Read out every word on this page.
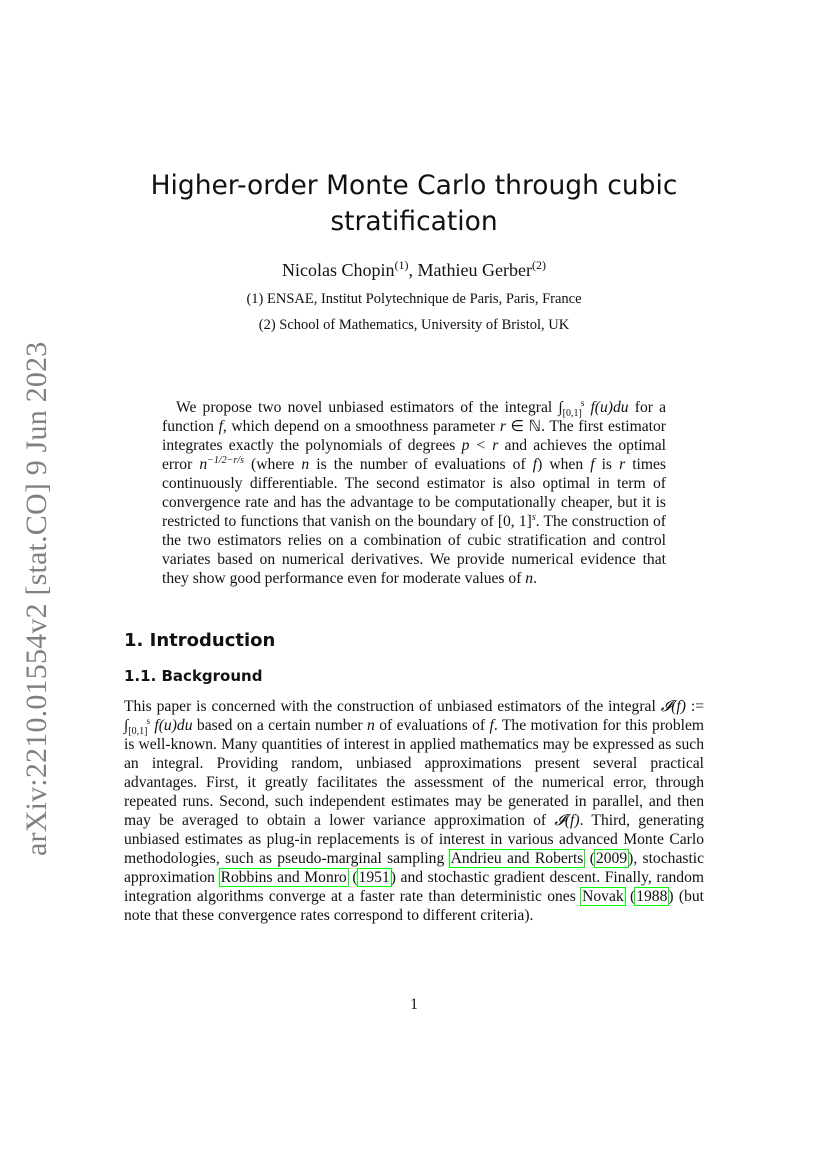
arXiv:2210.01554v2 [stat.CO] 9 Jun 2023
Higher-order Monte Carlo through cubic
stratification
Nicolas Chopin$^{(1)}$, Mathieu Gerber$^{(2)}$
(1) ENSAE, Institut Polytechnique de Paris, Paris, France
(2) School of Mathematics, University of Bristol, UK
We propose two novel unbiased estimators of the integral $\int_{[0,1]}^s$ f(u)du for a function f, which depend on a smoothness parameter r ∈ ℕ. The first estimator integrates exactly the polynomials of degrees p < r and achieves the optimal error $n^{-1/2-r/s}$ (where n is the number of evaluations of f) when f is r times continuously differentiable. The second estimator is also optimal in term of convergence rate and has the advantage to be computationally cheaper, but it is restricted to functions that vanish on the boundary of [0, 1]$^s$. The construction of the two estimators relies on a combination of cubic stratification and control variates based on numerical derivatives. We provide numerical evidence that they show good performance even for moderate values of n.
1. Introduction
1.1. Background
This paper is concerned with the construction of unbiased estimators of the integral 𝓘(f) := $\int_{[0,1]}^s$ f(u)du based on a certain number n of evaluations of f. The motivation for this problem is well-known. Many quantities of interest in applied mathematics may be expressed as such an integral. Providing random, unbiased approximations present several practical advantages. First, it greatly facilitates the assessment of the numerical error, through repeated runs. Second, such independent estimates may be generated in parallel, and then may be averaged to obtain a lower variance approximation of 𝓘(f). Third, generating unbiased estimates as plug-in replacements is of interest in various advanced Monte Carlo methodologies, such as pseudo-marginal sampling Andrieu and Roberts (2009), stochastic approximation Robbins and Monro (1951) and stochastic gradient descent. Finally, random integration algorithms converge at a faster rate than deterministic ones Novak (1988) (but note that these convergence rates correspond to different criteria).
1
